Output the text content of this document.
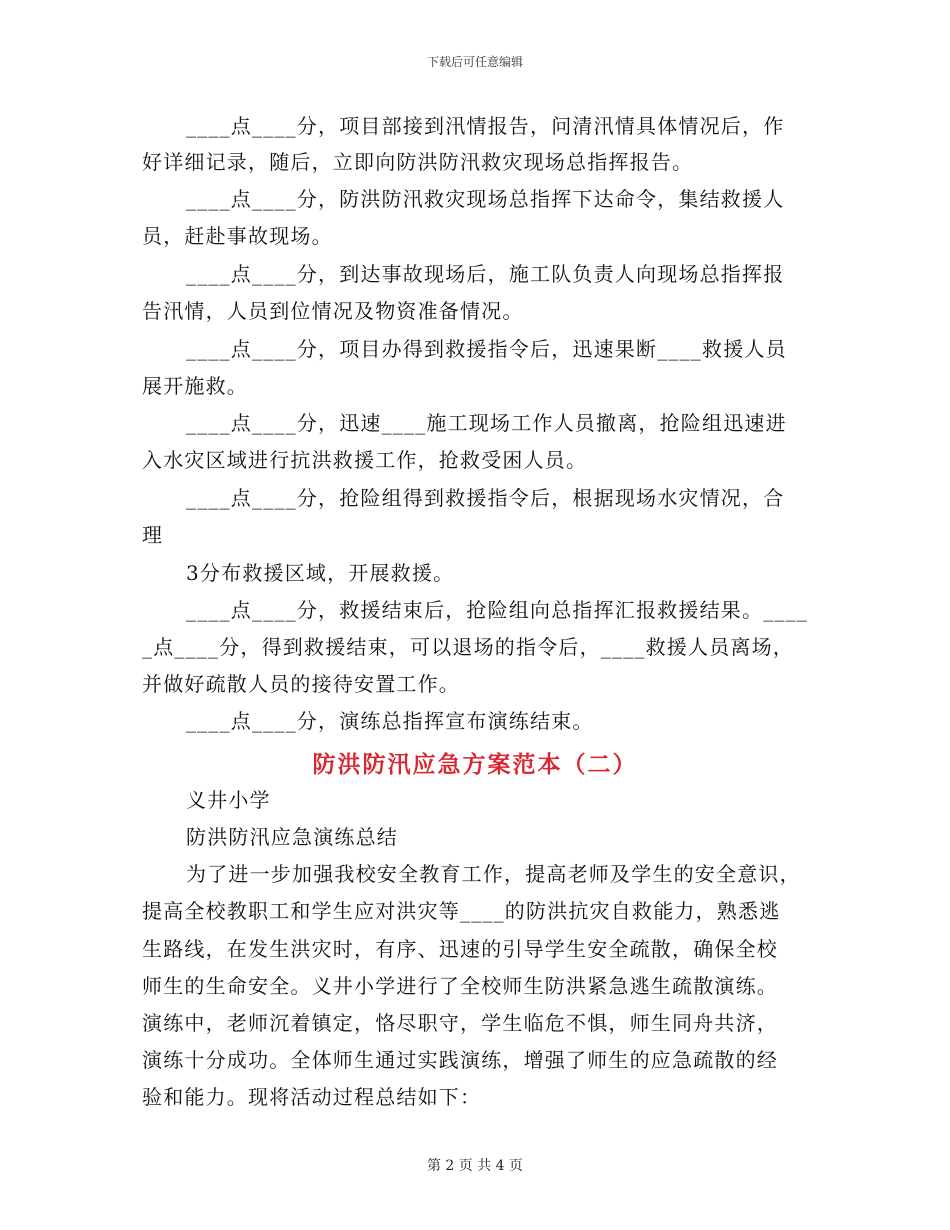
下载后可任意编辑
____点____分，项目部接到汛情报告，问清汛情具体情况后，作
好详细记录，随后，立即向防洪防汛救灾现场总指挥报告。
____点____分，防洪防汛救灾现场总指挥下达命令，集结救援人
员，赶赴事故现场。
____点____分，到达事故现场后，施工队负责人向现场总指挥报
告汛情，人员到位情况及物资准备情况。
____点____分，项目办得到救援指令后，迅速果断____救援人员
展开施救。
____点____分，迅速____施工现场工作人员撤离，抢险组迅速进
入水灾区域进行抗洪救援工作，抢救受困人员。
____点____分，抢险组得到救援指令后，根据现场水灾情况，合
理
3分布救援区域，开展救援。
____点____分，救援结束后，抢险组向总指挥汇报救援结果。____
_点____分，得到救援结束，可以退场的指令后，____救援人员离场，
并做好疏散人员的接待安置工作。
____点____分，演练总指挥宣布演练结束。
防洪防汛应急方案范本（二）
义井小学
防洪防汛应急演练总结
为了进一步加强我校安全教育工作，提高老师及学生的安全意识，
提高全校教职工和学生应对洪灾等____的防洪抗灾自救能力，熟悉逃
生路线，在发生洪灾时，有序、迅速的引导学生安全疏散，确保全校
师生的生命安全。义井小学进行了全校师生防洪紧急逃生疏散演练。
演练中，老师沉着镇定，恪尽职守，学生临危不惧，师生同舟共济，
演练十分成功。全体师生通过实践演练，增强了师生的应急疏散的经
验和能力。现将活动过程总结如下：
第 2 页 共 4 页
